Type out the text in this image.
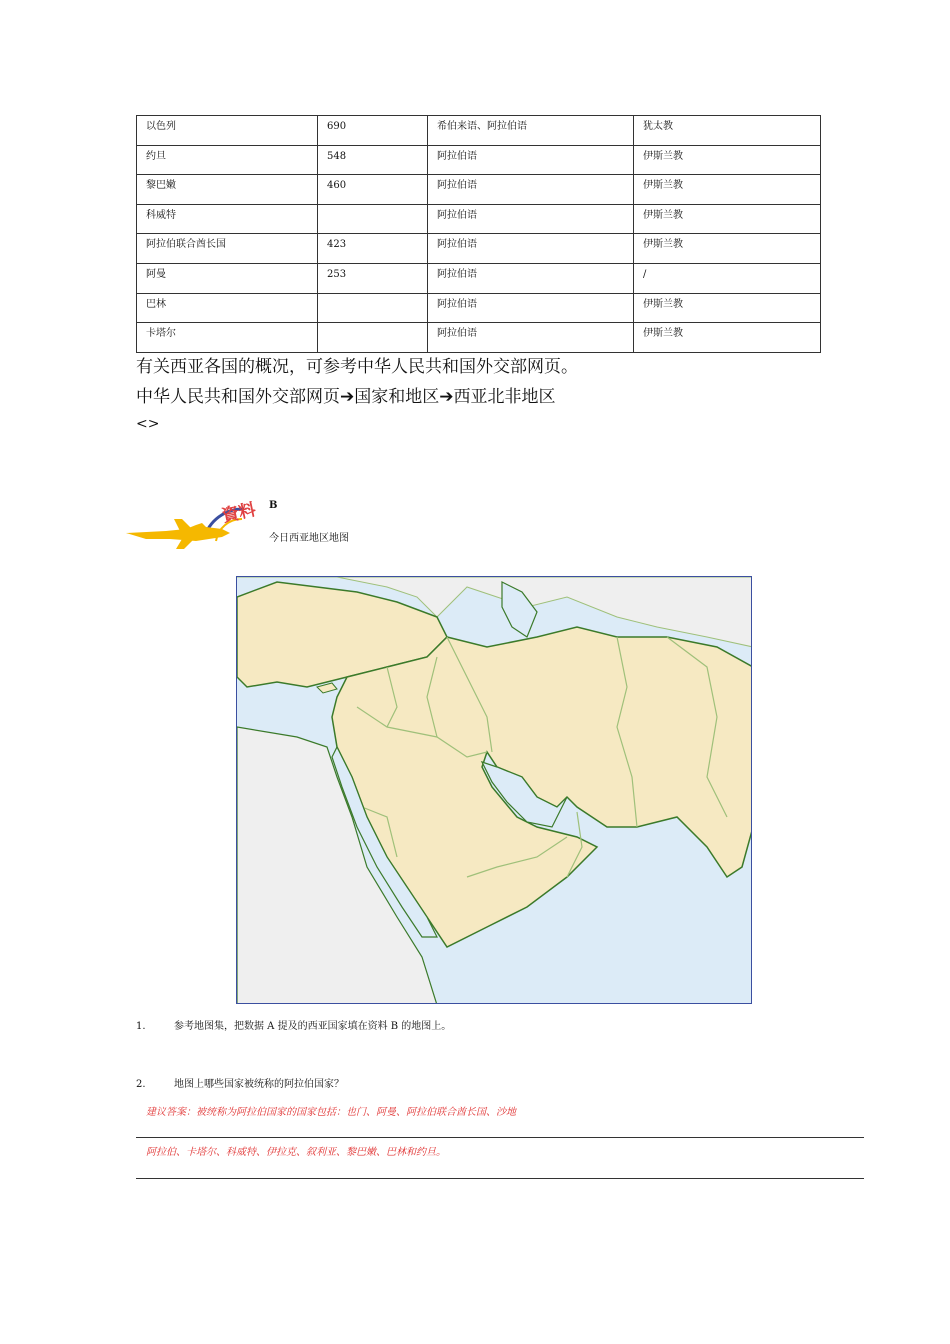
以色列	690	希伯来语、阿拉伯语	犹太教
约旦	548	阿拉伯语	伊斯兰教
黎巴嫩	460	阿拉伯语	伊斯兰教
科威特		阿拉伯语	伊斯兰教
阿拉伯联合酋长国	423	阿拉伯语	伊斯兰教
阿曼	253	阿拉伯语	/
巴林		阿拉伯语	伊斯兰教
卡塔尔		阿拉伯语	伊斯兰教
有关西亚各国的概况，可参考中华人民共和国外交部网页。
中华人民共和国外交部网页➔国家和地区➔西亚北非地区
<>
資料 B
今日西亚地区地图
1.	参考地图集，把数据 A 提及的西亚国家填在资料 B 的地图上。
2.	地图上哪些国家被统称的阿拉伯国家？
建议答案：被统称为阿拉伯国家的国家包括：也门、阿曼、阿拉伯联合酋长国、沙地
阿拉伯、卡塔尔、科威特、伊拉克、叙利亚、黎巴嫩、巴林和约旦。
